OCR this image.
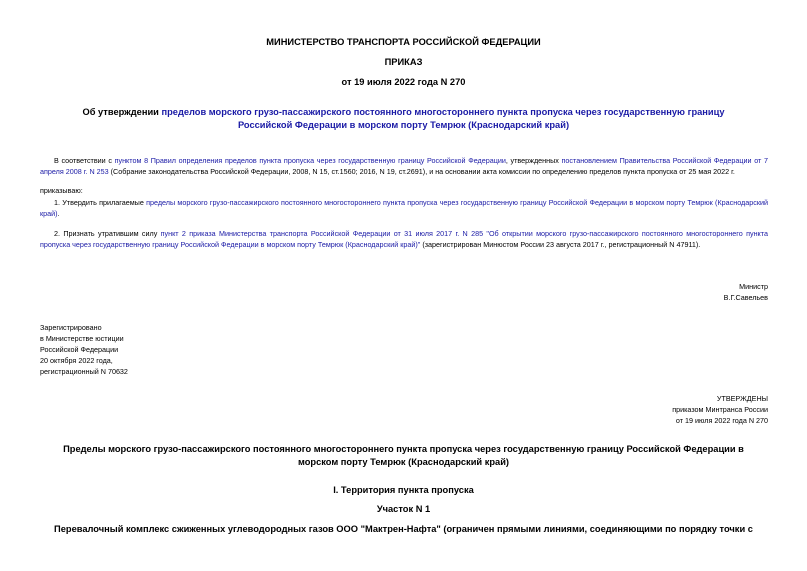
МИНИСТЕРСТВО ТРАНСПОРТА РОССИЙСКОЙ ФЕДЕРАЦИИ
ПРИКАЗ
от 19 июля 2022 года N 270
Об утверждении пределов морского грузо-пассажирского постоянного многостороннего пункта пропуска через государственную границу Российской Федерации в морском порту Темрюк (Краснодарский край)
В соответствии с пунктом 8 Правил определения пределов пункта пропуска через государственную границу Российской Федерации, утвержденных постановлением Правительства Российской Федерации от 7 апреля 2008 г. N 253 (Собрание законодательства Российской Федерации, 2008, N 15, ст.1560; 2016, N 19, ст.2691), и на основании акта комиссии по определению пределов пункта пропуска от 25 мая 2022 г.
приказываю:
1. Утвердить прилагаемые пределы морского грузо-пассажирского постоянного многостороннего пункта пропуска через государственную границу Российской Федерации в морском порту Темрюк (Краснодарский край).
2. Признать утратившим силу пункт 2 приказа Министерства транспорта Российской Федерации от 31 июля 2017 г. N 285 "Об открытии морского грузо-пассажирского постоянного многостороннего пункта пропуска через государственную границу Российской Федерации в морском порту Темрюк (Краснодарский край)" (зарегистрирован Минюстом России 23 августа 2017 г., регистрационный N 47911).
Министр
В.Г.Савельев
Зарегистрировано
в Министерстве юстиции
Российской Федерации
20 октября 2022 года,
регистрационный N 70632
УТВЕРЖДЕНЫ
приказом Минтранса России
от 19 июля 2022 года N 270
Пределы морского грузо-пассажирского постоянного многостороннего пункта пропуска через государственную границу Российской Федерации в морском порту Темрюк (Краснодарский край)
I. Территория пункта пропуска
Участок N 1
Перевалочный комплекс сжиженных углеводородных газов ООО "Мактрен-Нафта" (ограничен прямыми линиями, соединяющими по порядку точки с
